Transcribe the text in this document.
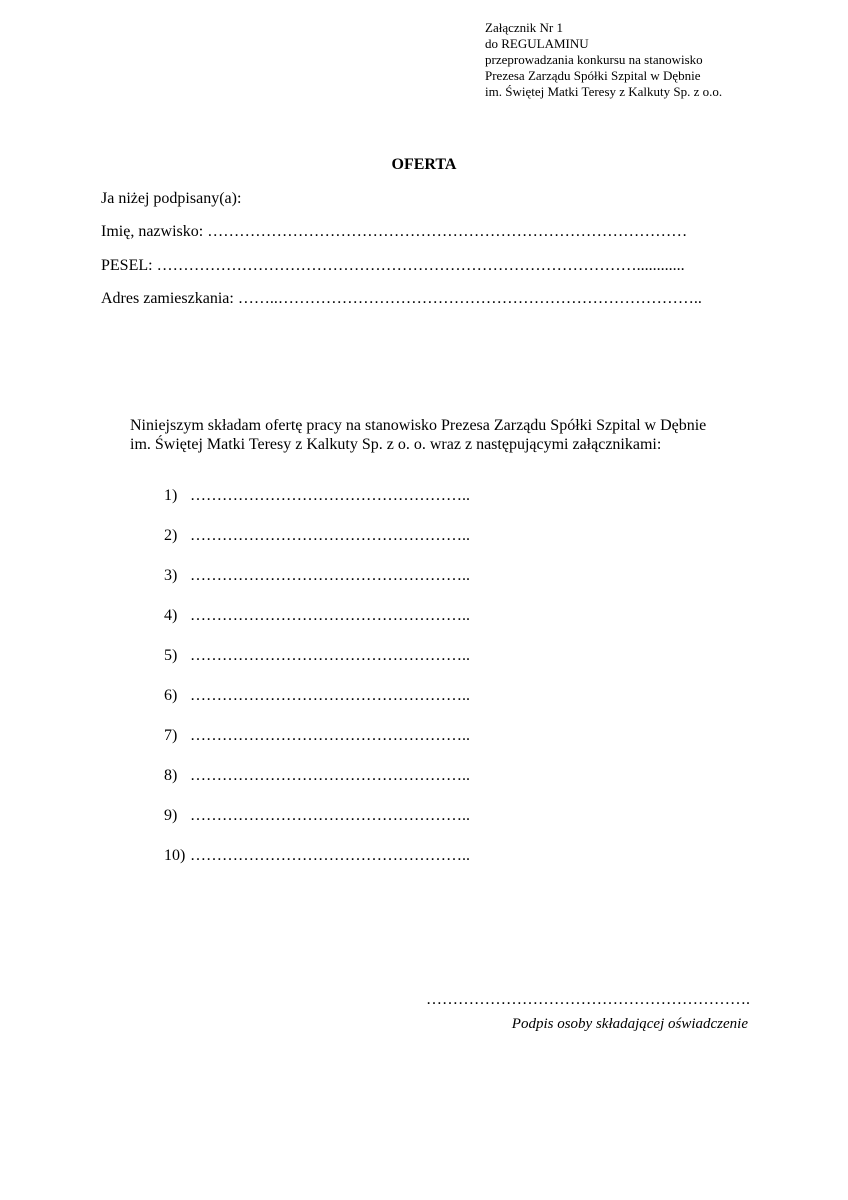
Załącznik Nr 1
do REGULAMINU
przeprowadzania konkursu na stanowisko
Prezesa Zarządu Spółki Szpital w Dębnie
im. Świętej Matki Teresy z Kalkuty Sp. z o.o.
OFERTA
Ja niżej podpisany(a):
Imię, nazwisko: ………………………………………………………………………………
PESEL: ………………………………………………………………………………............
Adres zamieszkania: ……..……………………………………………………………………..
Niniejszym składam ofertę pracy na stanowisko Prezesa Zarządu Spółki Szpital w Dębnie
im. Świętej Matki Teresy z Kalkuty Sp. z o. o. wraz z następującymi załącznikami:
1) ……………………………………………..
2) ……………………………………………..
3) ……………………………………………..
4) ……………………………………………..
5) ……………………………………………..
6) ……………………………………………..
7) ……………………………………………..
8) ……………………………………………..
9) ……………………………………………..
10) ……………………………………………..
…………………………………………………….
Podpis osoby składającej oświadczenie
